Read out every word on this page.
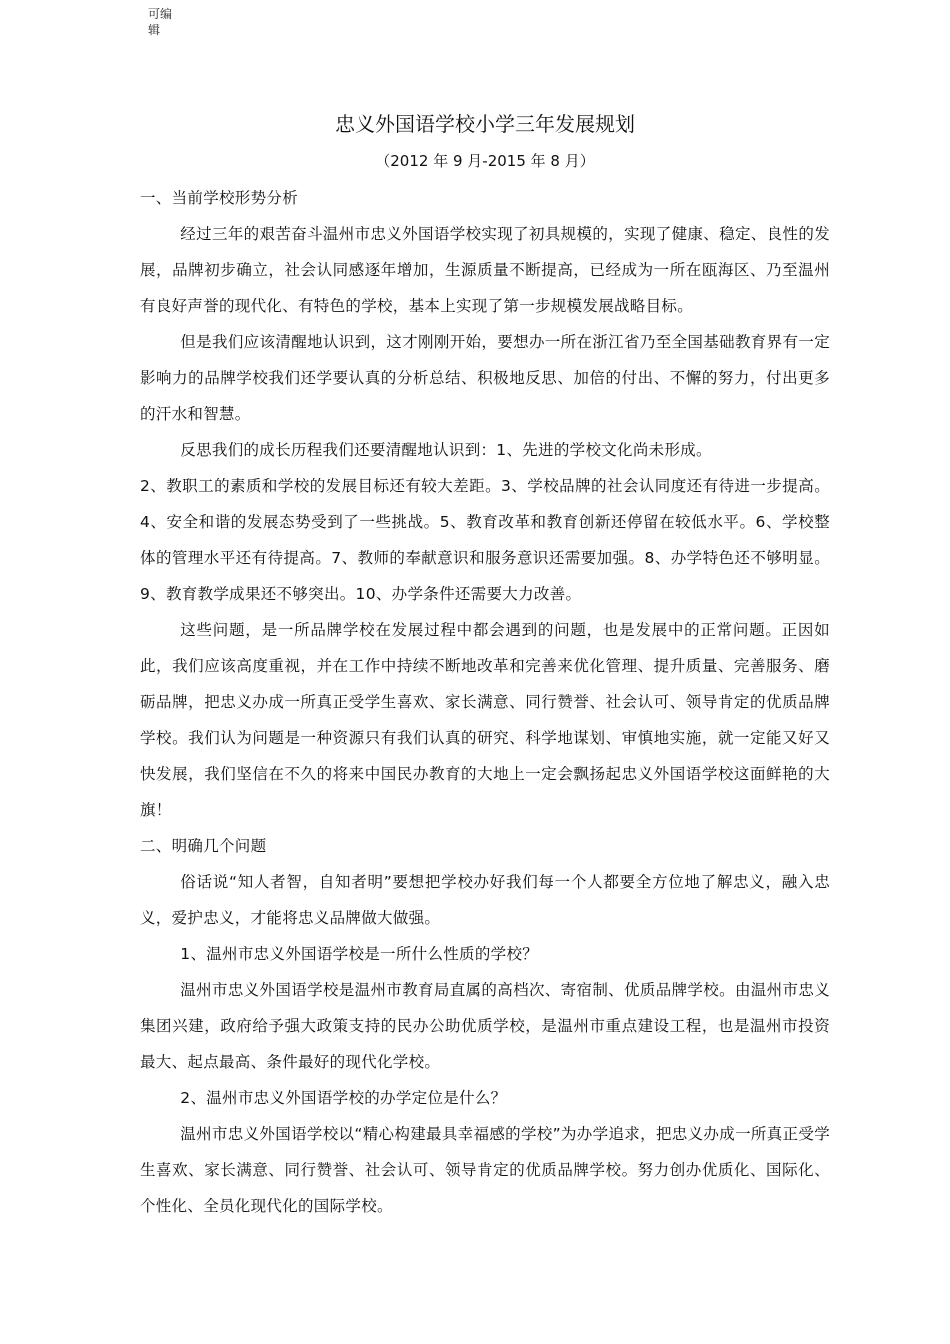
可编
辑
忠义外国语学校小学三年发展规划
（2012 年 9 月-2015 年 8 月）

一、当前学校形势分析

经过三年的艰苦奋斗温州市忠义外国语学校实现了初具规模的，实现了健康、稳定、良性的发展，品牌初步确立，社会认同感逐年增加，生源质量不断提高，已经成为一所在瓯海区、乃至温州有良好声誉的现代化、有特色的学校，基本上实现了第一步规模发展战略目标。

但是我们应该清醒地认识到，这才刚刚开始，要想办一所在浙江省乃至全国基础教育界有一定影响力的品牌学校我们还学要认真的分析总结、积极地反思、加倍的付出、不懈的努力，付出更多的汗水和智慧。

反思我们的成长历程我们还要清醒地认识到：1、先进的学校文化尚未形成。

2、教职工的素质和学校的发展目标还有较大差距。3、学校品牌的社会认同度还有待进一步提高。4、安全和谐的发展态势受到了一些挑战。5、教育改革和教育创新还停留在较低水平。6、学校整体的管理水平还有待提高。7、教师的奉献意识和服务意识还需要加强。8、办学特色还不够明显。9、教育教学成果还不够突出。10、办学条件还需要大力改善。

这些问题，是一所品牌学校在发展过程中都会遇到的问题，也是发展中的正常问题。正因如此，我们应该高度重视，并在工作中持续不断地改革和完善来优化管理、提升质量、完善服务、磨砺品牌，把忠义办成一所真正受学生喜欢、家长满意、同行赞誉、社会认可、领导肯定的优质品牌学校。我们认为问题是一种资源只有我们认真的研究、科学地谋划、审慎地实施，就一定能又好又快发展，我们坚信在不久的将来中国民办教育的大地上一定会飘扬起忠义外国语学校这面鲜艳的大旗！

二、明确几个问题

俗话说“知人者智，自知者明”要想把学校办好我们每一个人都要全方位地了解忠义，融入忠义，爱护忠义，才能将忠义品牌做大做强。

1、温州市忠义外国语学校是一所什么性质的学校？

温州市忠义外国语学校是温州市教育局直属的高档次、寄宿制、优质品牌学校。由温州市忠义集团兴建，政府给予强大政策支持的民办公助优质学校，是温州市重点建设工程，也是温州市投资最大、起点最高、条件最好的现代化学校。

2、温州市忠义外国语学校的办学定位是什么？

温州市忠义外国语学校以“精心构建最具幸福感的学校”为办学追求，把忠义办成一所真正受学生喜欢、家长满意、同行赞誉、社会认可、领导肯定的优质品牌学校。努力创办优质化、国际化、个性化、全员化现代化的国际学校。
